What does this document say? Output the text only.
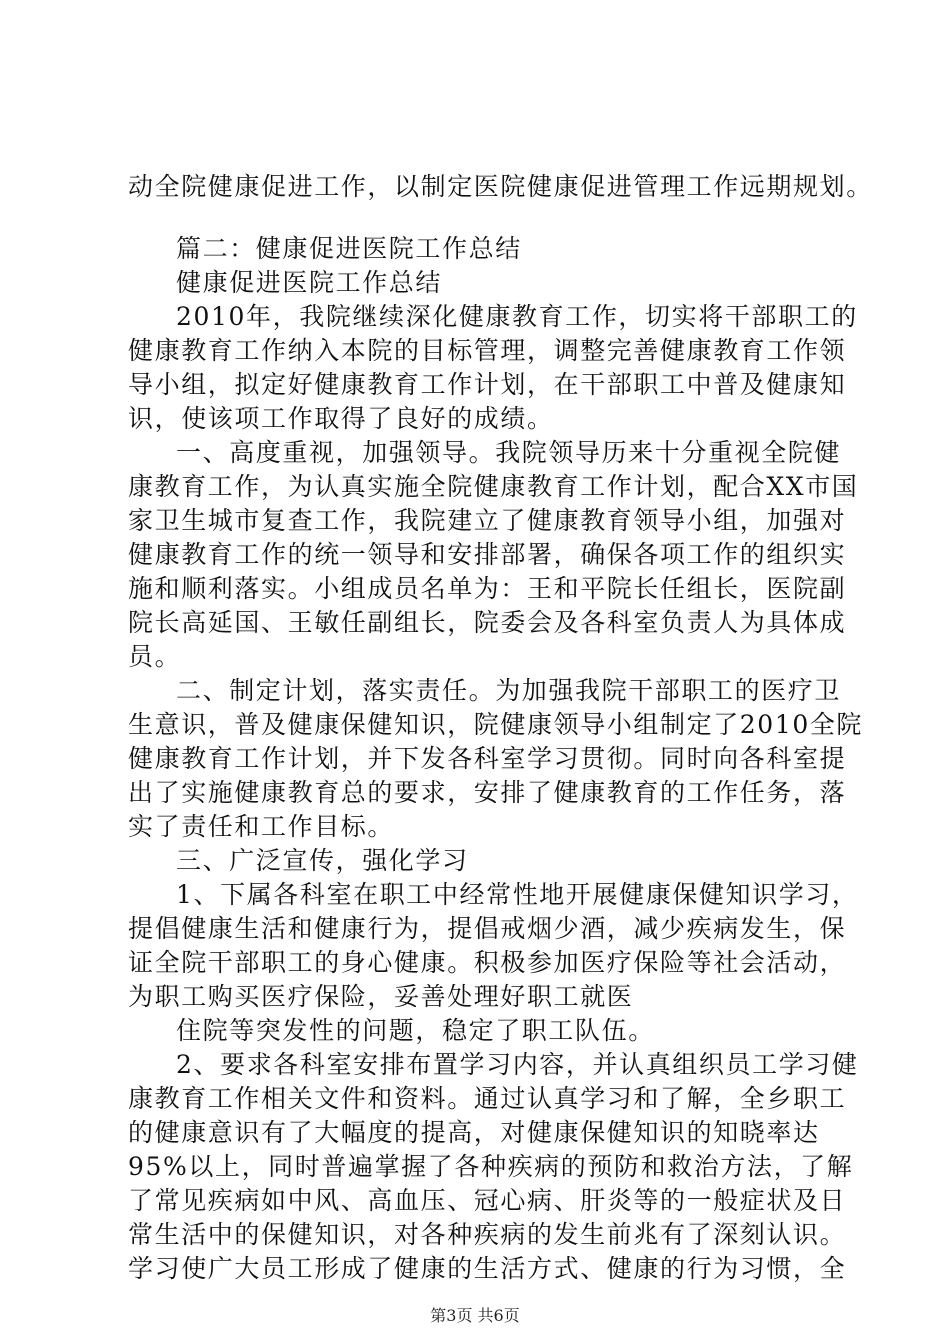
动全院健康促进工作，以制定医院健康促进管理工作远期规划。
篇二：健康促进医院工作总结
健康促进医院工作总结
2010年，我院继续深化健康教育工作，切实将干部职工的
健康教育工作纳入本院的目标管理，调整完善健康教育工作领
导小组，拟定好健康教育工作计划，在干部职工中普及健康知
识，使该项工作取得了良好的成绩。
一、高度重视，加强领导。我院领导历来十分重视全院健
康教育工作，为认真实施全院健康教育工作计划，配合XX市国
家卫生城市复查工作，我院建立了健康教育领导小组，加强对
健康教育工作的统一领导和安排部署，确保各项工作的组织实
施和顺利落实。小组成员名单为：王和平院长任组长，医院副
院长高延国、王敏任副组长，院委会及各科室负责人为具体成
员。
二、制定计划，落实责任。为加强我院干部职工的医疗卫
生意识，普及健康保健知识，院健康领导小组制定了2010全院
健康教育工作计划，并下发各科室学习贯彻。同时向各科室提
出了实施健康教育总的要求，安排了健康教育的工作任务，落
实了责任和工作目标。
三、广泛宣传，强化学习
1、下属各科室在职工中经常性地开展健康保健知识学习，
提倡健康生活和健康行为，提倡戒烟少酒，减少疾病发生，保
证全院干部职工的身心健康。积极参加医疗保险等社会活动，
为职工购买医疗保险，妥善处理好职工就医
住院等突发性的问题，稳定了职工队伍。
2、要求各科室安排布置学习内容，并认真组织员工学习健
康教育工作相关文件和资料。通过认真学习和了解，全乡职工
的健康意识有了大幅度的提高，对健康保健知识的知晓率达
95%以上，同时普遍掌握了各种疾病的预防和救治方法，了解
了常见疾病如中风、高血压、冠心病、肝炎等的一般症状及日
常生活中的保健知识，对各种疾病的发生前兆有了深刻认识。
学习使广大员工形成了健康的生活方式、健康的行为习惯，全
第3页 共6页
